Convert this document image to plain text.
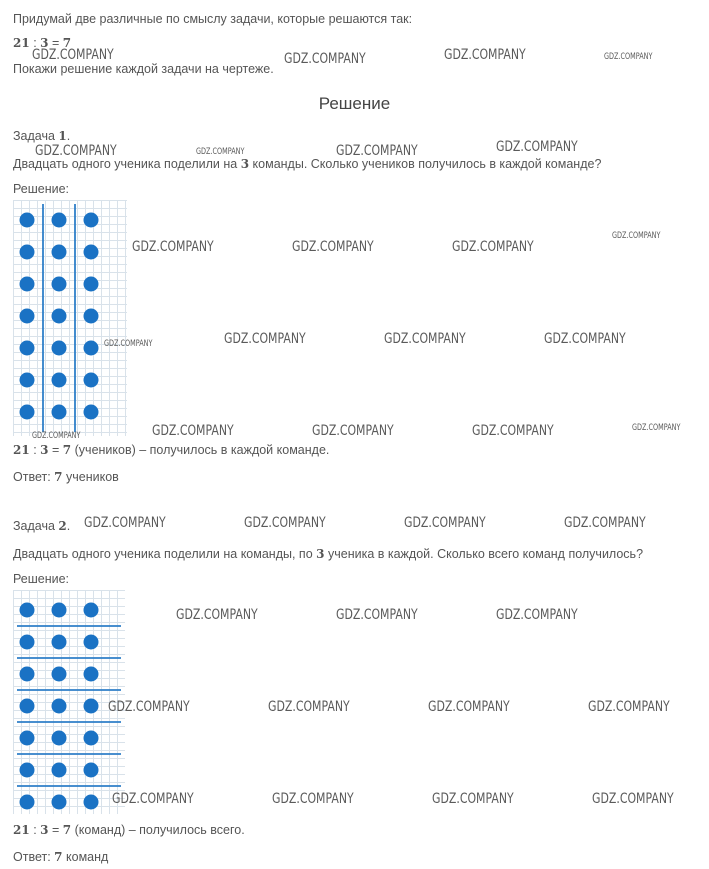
Придумай две различные по смыслу задачи, которые решаются так:
21 : 3 = 7
Покажи решение каждой задачи на чертеже.
Решение
Задача 1.
Двадцать одного ученика поделили на 3 команды. Сколько учеников получилось в каждой команде?
Решение:
21 : 3 = 7 (учеников) – получилось в каждой команде.
Ответ: 7 учеников
Задача 2.
Двадцать одного ученика поделили на команды, по 3 ученика в каждой. Сколько всего команд получилось?
Решение:
21 : 3 = 7 (команд) – получилось всего.
Ответ: 7 команд
GDZ.COMPANY	GDZ.COMPANY	GDZ.COMPANY	GDZ.COMPANY
GDZ.COMPANY	GDZ.COMPANY	GDZ.COMPANY	GDZ.COMPANY
GDZ.COMPANY	GDZ.COMPANY	GDZ.COMPANY
GDZ.COMPANY
GDZ.COMPANY	GDZ.COMPANY	GDZ.COMPANY	GDZ.COMPANY
GDZ.COMPANY	GDZ.COMPANY	GDZ.COMPANY	GDZ.COMPANY	GDZ.COMPANY
GDZ.COMPANY	GDZ.COMPANY	GDZ.COMPANY	GDZ.COMPANY
GDZ.COMPANY	GDZ.COMPANY	GDZ.COMPANY
GDZ.COMPANY	GDZ.COMPANY	GDZ.COMPANY	GDZ.COMPANY
GDZ.COMPANY	GDZ.COMPANY	GDZ.COMPANY	GDZ.COMPANY
